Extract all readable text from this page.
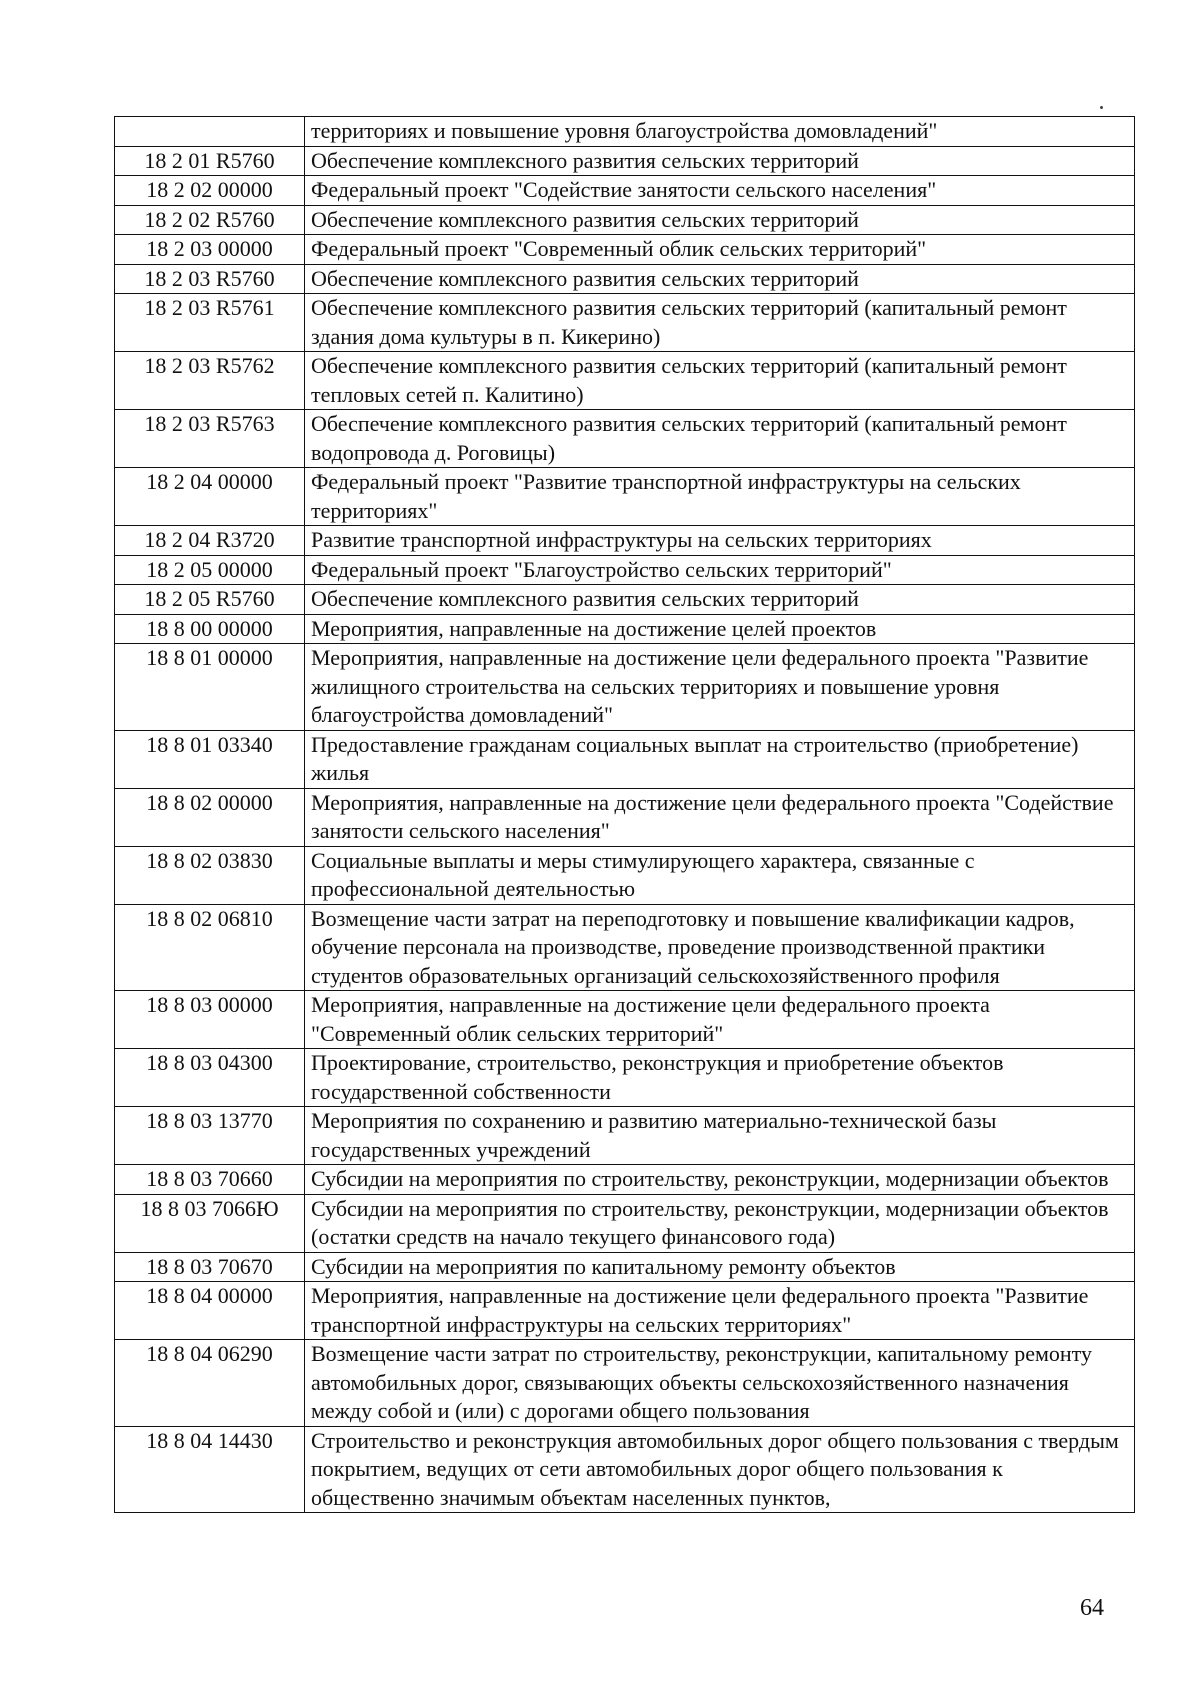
	территориях и повышение уровня благоустройства домовладений"
18 2 01 R5760	Обеспечение комплексного развития сельских территорий
18 2 02 00000	Федеральный проект "Содействие занятости сельского населения"
18 2 02 R5760	Обеспечение комплексного развития сельских территорий
18 2 03 00000	Федеральный проект "Современный облик сельских территорий"
18 2 03 R5760	Обеспечение комплексного развития сельских территорий
18 2 03 R5761	Обеспечение комплексного развития сельских территорий (капитальный ремонт здания дома культуры в п. Кикерино)
18 2 03 R5762	Обеспечение комплексного развития сельских территорий (капитальный ремонт тепловых сетей п. Калитино)
18 2 03 R5763	Обеспечение комплексного развития сельских территорий (капитальный ремонт водопровода д. Роговицы)
18 2 04 00000	Федеральный проект "Развитие транспортной инфраструктуры на сельских территориях"
18 2 04 R3720	Развитие транспортной инфраструктуры на сельских территориях
18 2 05 00000	Федеральный проект "Благоустройство сельских территорий"
18 2 05 R5760	Обеспечение комплексного развития сельских территорий
18 8 00 00000	Мероприятия, направленные на достижение целей проектов
18 8 01 00000	Мероприятия, направленные на достижение цели федерального проекта "Развитие жилищного строительства на сельских территориях и повышение уровня благоустройства домовладений"
18 8 01 03340	Предоставление гражданам социальных выплат на строительство (приобретение) жилья
18 8 02 00000	Мероприятия, направленные на достижение цели федерального проекта "Содействие занятости сельского населения"
18 8 02 03830	Социальные выплаты и меры стимулирующего характера, связанные с профессиональной деятельностью
18 8 02 06810	Возмещение части затрат на переподготовку и повышение квалификации кадров, обучение персонала на производстве, проведение производственной практики студентов образовательных организаций сельскохозяйственного профиля
18 8 03 00000	Мероприятия, направленные на достижение цели федерального проекта "Современный облик сельских территорий"
18 8 03 04300	Проектирование, строительство, реконструкция и приобретение объектов государственной собственности
18 8 03 13770	Мероприятия по сохранению и развитию материально-технической базы государственных учреждений
18 8 03 70660	Субсидии на мероприятия по строительству, реконструкции, модернизации объектов
18 8 03 7066Ю	Субсидии на мероприятия по строительству, реконструкции, модернизации объектов (остатки средств на начало текущего финансового года)
18 8 03 70670	Субсидии на мероприятия по капитальному ремонту объектов
18 8 04 00000	Мероприятия, направленные на достижение цели федерального проекта "Развитие транспортной инфраструктуры на сельских территориях"
18 8 04 06290	Возмещение части затрат по строительству, реконструкции, капитальному ремонту автомобильных дорог, связывающих объекты сельскохозяйственного назначения между собой и (или) с дорогами общего пользования
18 8 04 14430	Строительство и реконструкция автомобильных дорог общего пользования с твердым покрытием, ведущих от сети автомобильных дорог общего пользования к общественно значимым объектам населенных пунктов,
64
